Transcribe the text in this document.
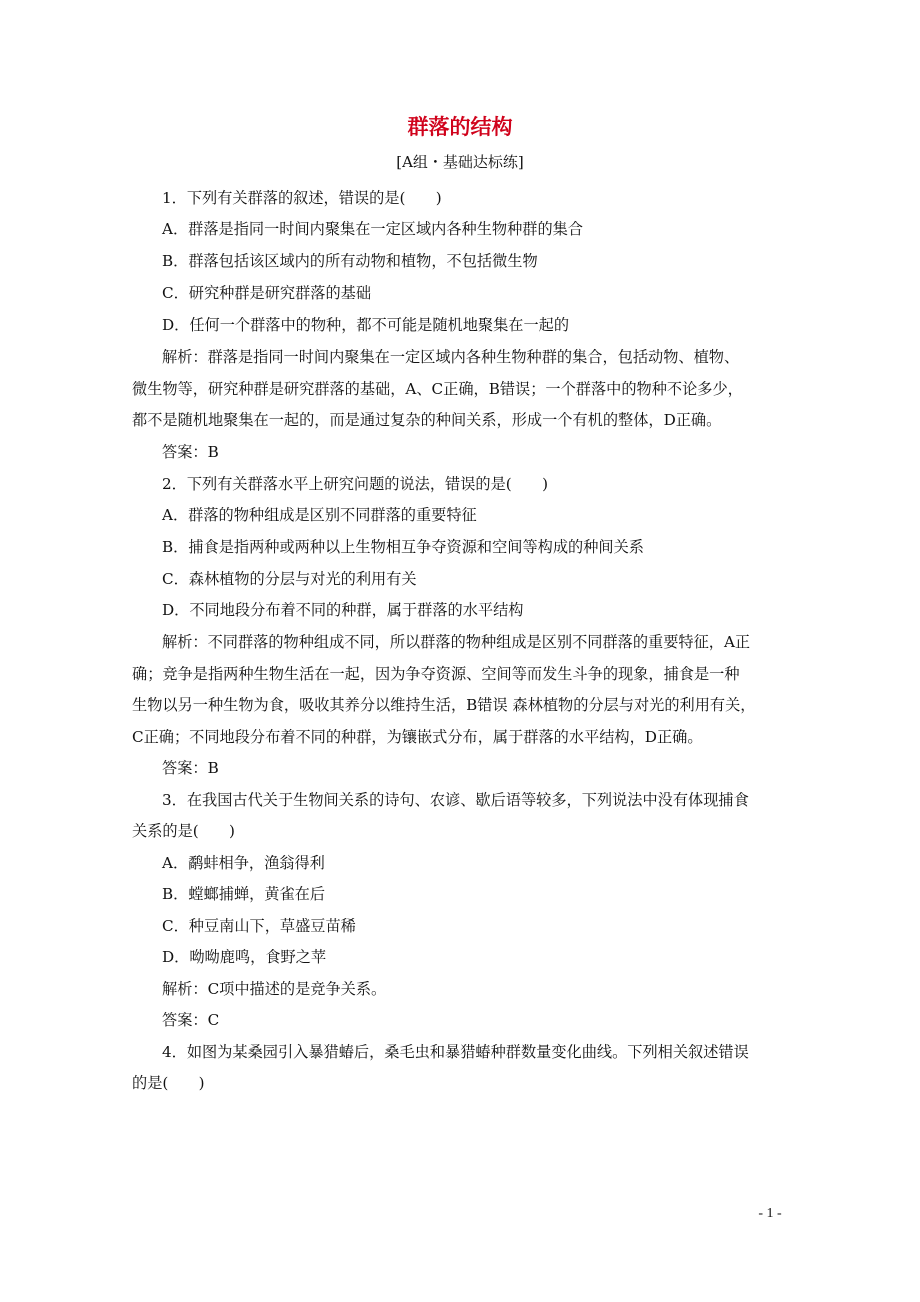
群落的结构
[A组・基础达标练]
1．下列有关群落的叙述，错误的是(　　)
A．群落是指同一时间内聚集在一定区域内各种生物种群的集合
B．群落包括该区域内的所有动物和植物，不包括微生物
C．研究种群是研究群落的基础
D．任何一个群落中的物种，都不可能是随机地聚集在一起的
解析：群落是指同一时间内聚集在一定区域内各种生物种群的集合，包括动物、植物、
微生物等，研究种群是研究群落的基础，A、C正确，B错误；一个群落中的物种不论多少，
都不是随机地聚集在一起的，而是通过复杂的种间关系，形成一个有机的整体，D正确。
答案：B
2．下列有关群落水平上研究问题的说法，错误的是(　　)
A．群落的物种组成是区别不同群落的重要特征
B．捕食是指两种或两种以上生物相互争夺资源和空间等构成的种间关系
C．森林植物的分层与对光的利用有关
D．不同地段分布着不同的种群，属于群落的水平结构
解析：不同群落的物种组成不同，所以群落的物种组成是区别不同群落的重要特征，A正
确；竞争是指两种生物生活在一起，因为争夺资源、空间等而发生斗争的现象，捕食是一种
生物以另一种生物为食，吸收其养分以维持生活，B错误 森林植物的分层与对光的利用有关，
C正确；不同地段分布着不同的种群，为镶嵌式分布，属于群落的水平结构，D正确。
答案：B
3．在我国古代关于生物间关系的诗句、农谚、歇后语等较多，下列说法中没有体现捕食
关系的是(　　)
A．鹬蚌相争，渔翁得利
B．螳螂捕蝉，黄雀在后
C．种豆南山下，草盛豆苗稀
D．呦呦鹿鸣，食野之苹
解析：C项中描述的是竞争关系。
答案：C
4．如图为某桑园引入暴猎蝽后，桑毛虫和暴猎蝽种群数量变化曲线。下列相关叙述错误
的是(　　)
- 1 -
